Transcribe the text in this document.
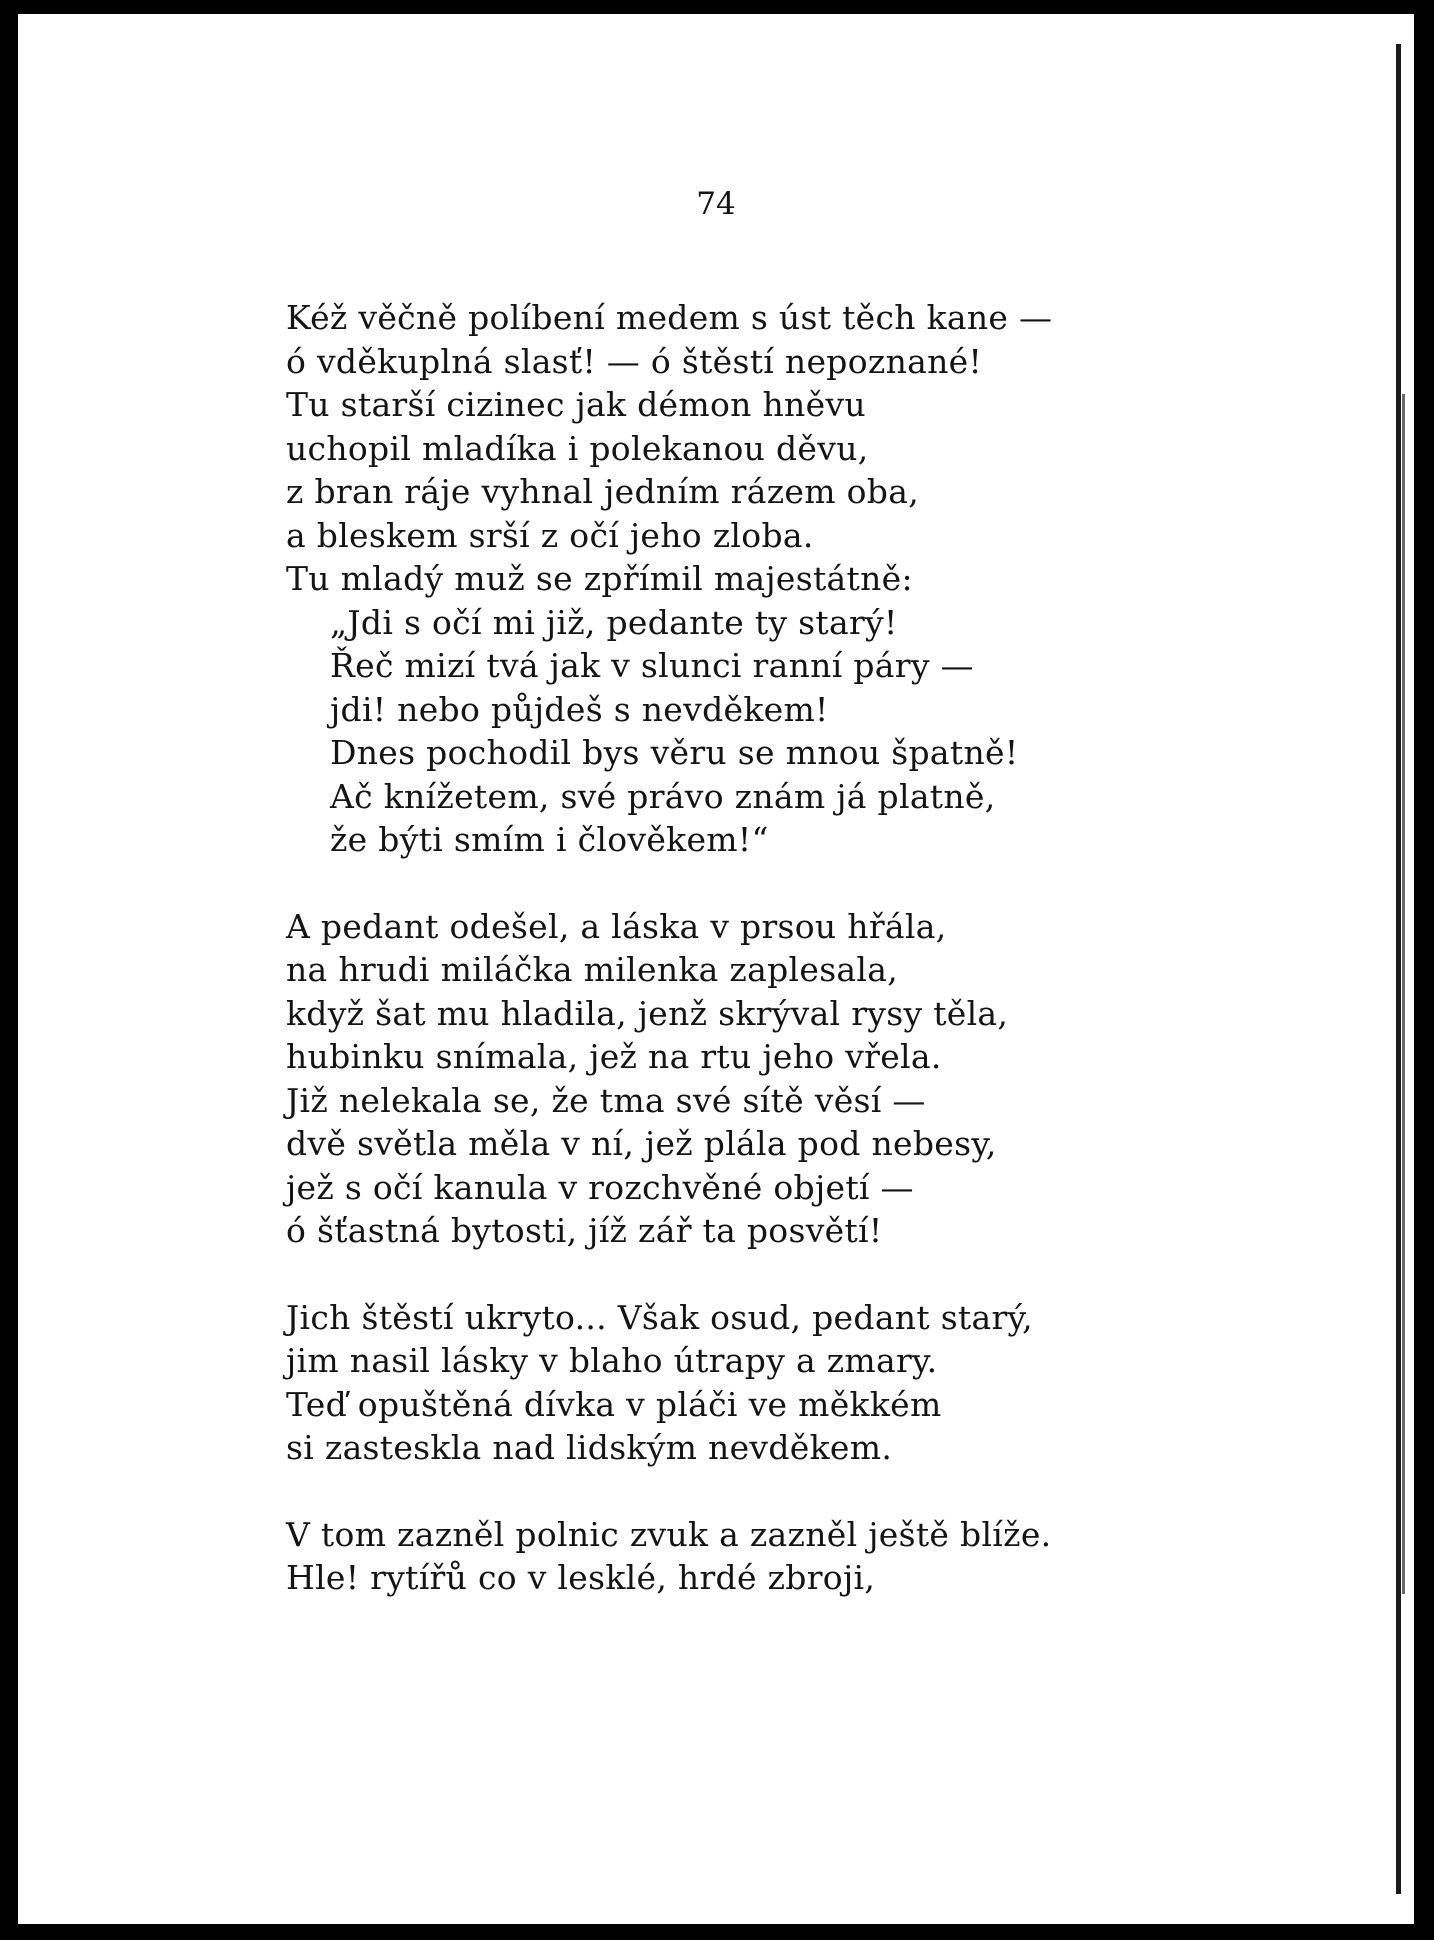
74
Kéž věčně políbení medem s úst těch kane —
ó vděkuplná slasť! — ó štěstí nepoznané!
Tu starší cizinec jak démon hněvu
uchopil mladíka i polekanou děvu,
z bran ráje vyhnal jedním rázem oba,
a bleskem srší z očí jeho zloba.
Tu mladý muž se zpřímil majestátně:
„Jdi s očí mi již, pedante ty starý!
Řeč mizí tvá jak v slunci ranní páry —
jdi! nebo půjdeš s nevděkem!
Dnes pochodil bys věru se mnou špatně!
Ač knížetem, své právo znám já platně,
že býti smím i člověkem!“
A pedant odešel, a láska v prsou hřála,
na hrudi miláčka milenka zaplesala,
když šat mu hladila, jenž skrýval rysy těla,
hubinku snímala, jež na rtu jeho vřela.
Již nelekala se, že tma své sítě věsí —
dvě světla měla v ní, jež plála pod nebesy,
jež s očí kanula v rozchvěné objetí —
ó šťastná bytosti, jíž zář ta posvětí!
Jich štěstí ukryto... Však osud, pedant starý,
jim nasil lásky v blaho útrapy a zmary.
Teď opuštěná dívka v pláči ve měkkém
si zasteskla nad lidským nevděkem.
V tom zazněl polnic zvuk a zazněl ještě blíže.
Hle! rytířů co v lesklé, hrdé zbroji,
